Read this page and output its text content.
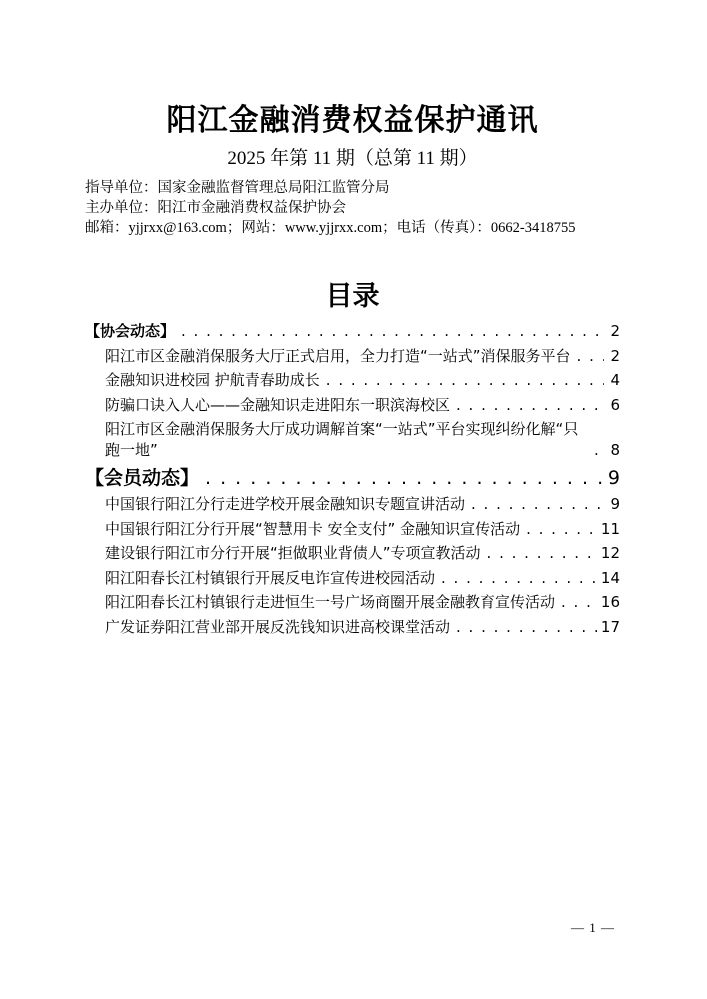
阳江金融消费权益保护通讯
2025 年第 11 期（总第 11 期）
指导单位：国家金融监督管理总局阳江监管分局
主办单位：阳江市金融消费权益保护协会
邮箱：yjjrxx@163.com；网站：www.yjjrxx.com；电话（传真）：0662-3418755
目录
【协会动态】 . . .	2
阳江市区金融消保服务大厅正式启用，全力打造“一站式”消保服务平台 . . .	2
金融知识进校园 护航青春助成长 . . .	4
防骗口诀入人心——金融知识走进阳东一职滨海校区 . . .	6
阳江市区金融消保服务大厅成功调解首案“一站式”平台实现纠纷化解“只跑一地” . . .	8
【会员动态】 . . .	9
中国银行阳江分行走进学校开展金融知识专题宣讲活动 . . .	9
中国银行阳江分行开展“智慧用卡 安全支付” 金融知识宣传活动 . . .	11
建设银行阳江市分行开展“拒做职业背债人”专项宣教活动 . . .	12
阳江阳春长江村镇银行开展反电诈宣传进校园活动 . . .	14
阳江阳春长江村镇银行走进恒生一号广场商圈开展金融教育宣传活动 . . .	16
广发证券阳江营业部开展反洗钱知识进高校课堂活动 . . .	17
— 1 —
